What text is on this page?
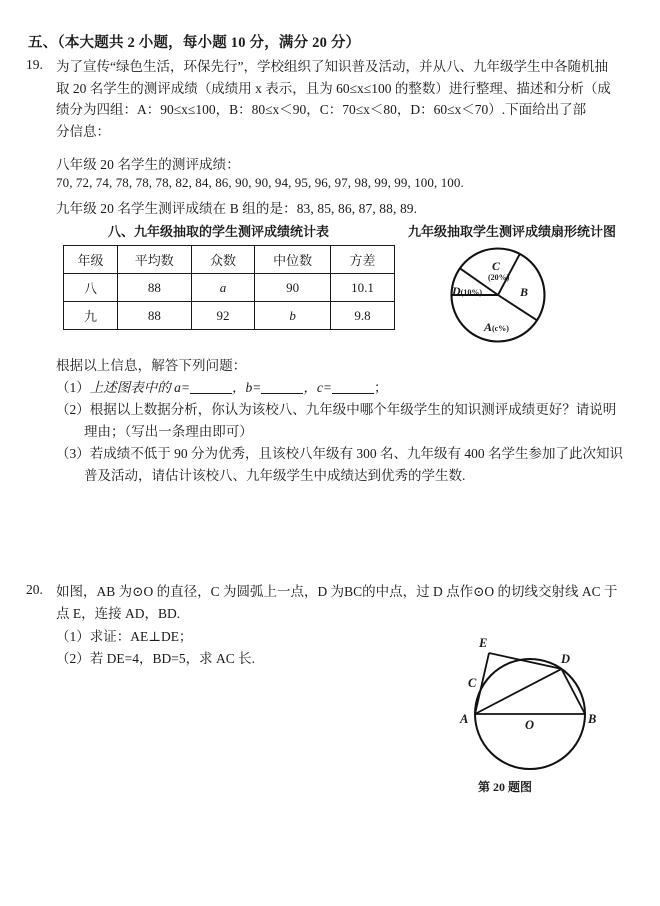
五、（本大题共 2 小题，每小题 10 分，满分 20 分）
19. 为了宣传“绿色生活，环保先行”，学校组织了知识普及活动，并从八、九年级学生中各随机抽
取 20 名学生的测评成绩（成绩用 x 表示，且为 60≤x≤100 的整数）进行整理、描述和分析（成
绩分为四组：A：90≤x≤100，B：80≤x＜90，C：70≤x＜80，D：60≤x＜70）.下面给出了部
分信息：
八年级 20 名学生的测评成绩：
70, 72, 74, 78, 78, 78, 82, 84, 86, 90, 90, 94, 95, 96, 97, 98, 99, 99, 100, 100.
九年级 20 名学生测评成绩在 B 组的是：83, 85, 86, 87, 88, 89.
八、九年级抽取的学生测评成绩统计表	九年级抽取学生测评成绩扇形统计图
年级	平均数	众数	中位数	方差
八	88	a	90	10.1
九	88	92	b	9.8
C
(20%)
D(10%)	B
A(c%)
根据以上信息，解答下列问题：
（1）上述图表中的 a=	，b=	，c=	；
（2）根据以上数据分析，你认为该校八、九年级中哪个年级学生的知识测评成绩更好？请说明
理由；（写出一条理由即可）
（3）若成绩不低于 90 分为优秀，且该校八年级有 300 名、九年级有 400 名学生参加了此次知识
普及活动，请估计该校八、九年级学生中成绩达到优秀的学生数.
20. 如图，AB 为⊙O 的直径，C 为圆弧上一点，D 为BC的中点，过 D 点作⊙O 的切线交射线 AC 于
点 E，连接 AD，BD.
（1）求证：AE⊥DE；
（2）若 DE=4，BD=5，求 AC 长.
E
D
C
A	B
O
第 20 题图
